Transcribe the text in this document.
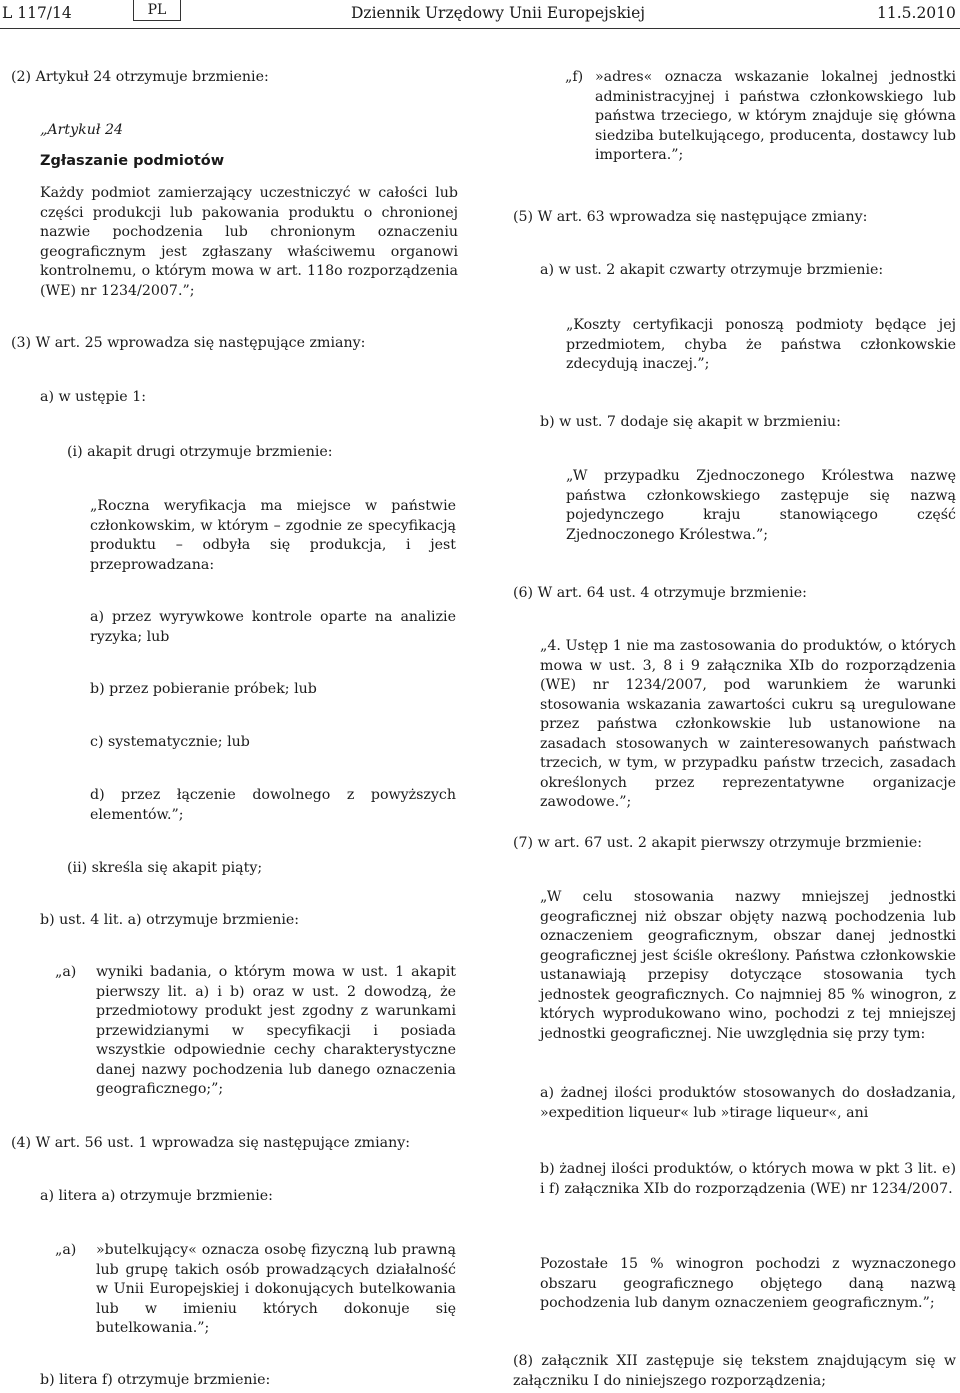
L 117/14	PL	Dziennik Urzędowy Unii Europejskiej	11.5.2010

(2) Artykuł 24 otrzymuje brzmienie:

„Artykuł 24

Zgłaszanie podmiotów

Każdy podmiot zamierzający uczestniczyć w całości lub części produkcji lub pakowania produktu o chronionej nazwie pochodzenia lub chronionym oznaczeniu geograficznym jest zgłaszany właściwemu organowi kontrolnemu, o którym mowa w art. 118o rozporządzenia (WE) nr 1234/2007.”;

(3) W art. 25 wprowadza się następujące zmiany:

a) w ustępie 1:

(i) akapit drugi otrzymuje brzmienie:

„Roczna weryfikacja ma miejsce w państwie członkowskim, w którym – zgodnie ze specyfikacją produktu – odbyła się produkcja, i jest przeprowadzana:

a) przez wyrywkowe kontrole oparte na analizie ryzyka; lub

b) przez pobieranie próbek; lub

c) systematycznie; lub

d) przez łączenie dowolnego z powyższych elementów.”;

(ii) skreśla się akapit piąty;

b) ust. 4 lit. a) otrzymuje brzmienie:

„a) wyniki badania, o którym mowa w ust. 1 akapit pierwszy lit. a) i b) oraz w ust. 2 dowodzą, że przedmiotowy produkt jest zgodny z warunkami przewidzianymi w specyfikacji i posiada wszystkie odpowiednie cechy charakterystyczne danej nazwy pochodzenia lub danego oznaczenia geograficznego;”;

(4) W art. 56 ust. 1 wprowadza się następujące zmiany:

a) litera a) otrzymuje brzmienie:

„a) »butelkujący« oznacza osobę fizyczną lub prawną lub grupę takich osób prowadzących działalność w Unii Europejskiej i dokonujących butelkowania lub w imieniu których dokonuje się butelkowania.”;

b) litera f) otrzymuje brzmienie:

„f) »adres« oznacza wskazanie lokalnej jednostki administracyjnej i państwa członkowskiego lub państwa trzeciego, w którym znajduje się główna siedziba butelkującego, producenta, dostawcy lub importera.”;

(5) W art. 63 wprowadza się następujące zmiany:

a) w ust. 2 akapit czwarty otrzymuje brzmienie:

„Koszty certyfikacji ponoszą podmioty będące jej przedmiotem, chyba że państwa członkowskie zdecydują inaczej.”;

b) w ust. 7 dodaje się akapit w brzmieniu:

„W przypadku Zjednoczonego Królestwa nazwę państwa członkowskiego zastępuje się nazwą pojedynczego kraju stanowiącego część Zjednoczonego Królestwa.”;

(6) W art. 64 ust. 4 otrzymuje brzmienie:

„4. Ustęp 1 nie ma zastosowania do produktów, o których mowa w ust. 3, 8 i 9 załącznika XIb do rozporządzenia (WE) nr 1234/2007, pod warunkiem że warunki stosowania wskazania zawartości cukru są uregulowane przez państwa członkowskie lub ustanowione na zasadach stosowanych w zainteresowanych państwach trzecich, w tym, w przypadku państw trzecich, zasadach określonych przez reprezentatywne organizacje zawodowe.”;

(7) w art. 67 ust. 2 akapit pierwszy otrzymuje brzmienie:

„W celu stosowania nazwy mniejszej jednostki geograficznej niż obszar objęty nazwą pochodzenia lub oznaczeniem geograficznym, obszar danej jednostki geograficznej jest ściśle określony. Państwa członkowskie ustanawiają przepisy dotyczące stosowania tych jednostek geograficznych. Co najmniej 85 % winogron, z których wyprodukowano wino, pochodzi z tej mniejszej jednostki geograficznej. Nie uwzględnia się przy tym:

a) żadnej ilości produktów stosowanych do dosładzania, »expedition liqueur« lub »tirage liqueur«, ani

b) żadnej ilości produktów, o których mowa w pkt 3 lit. e) i f) załącznika XIb do rozporządzenia (WE) nr 1234/2007.

Pozostałe 15 % winogron pochodzi z wyznaczonego obszaru geograficznego objętego daną nazwą pochodzenia lub danym oznaczeniem geograficznym.”;

(8) załącznik XII zastępuje się tekstem znajdującym się w załączniku I do niniejszego rozporządzenia;
